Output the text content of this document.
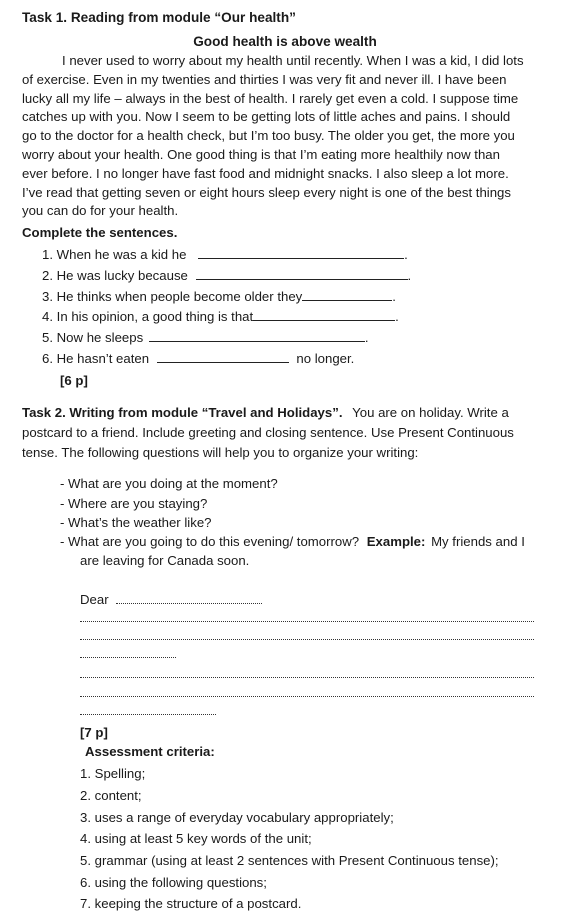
Task 1. Reading from module “Our health”
Good health is above wealth
I never used to worry about my health until recently. When I was a kid, I did lots
of exercise. Even in my twenties and thirties I was very fit and never ill. I have been
lucky all my life – always in the best of health. I rarely get even a cold. I suppose time
catches up with you. Now I seem to be getting lots of little aches and pains. I should
go to the doctor for a health check, but I’m too busy. The older you get, the more you
worry about your health. One good thing is that I’m eating more healthily now than
ever before. I no longer have fast food and midnight snacks. I also sleep a lot more.
I’ve read that getting seven or eight hours sleep every night is one of the best things
you can do for your health.
Complete the sentences.
1. When he was a kid he	.
2. He was lucky because	.
3. He thinks when people become older they	.
4. In his opinion, a good thing is that	.
5. Now he sleeps	.
6. He hasn’t eaten	no longer.
[6 p]
Task 2. Writing from module “Travel and Holidays”. You are on holiday. Write a
postcard to a friend. Include greeting and closing sentence. Use Present Continuous
tense. The following questions will help you to organize your writing:
- What are you doing at the moment?
- Where are you staying?
- What’s the weather like?
- What are you going to do this evening/ tomorrow? Example: My friends and I
are leaving for Canada soon.
Dear
[7 p]
Assessment criteria:
1. Spelling;
2. content;
3. uses a range of everyday vocabulary appropriately;
4. using at least 5 key words of the unit;
5. grammar (using at least 2 sentences with Present Continuous tense);
6. using the following questions;
7. keeping the structure of a postcard.
